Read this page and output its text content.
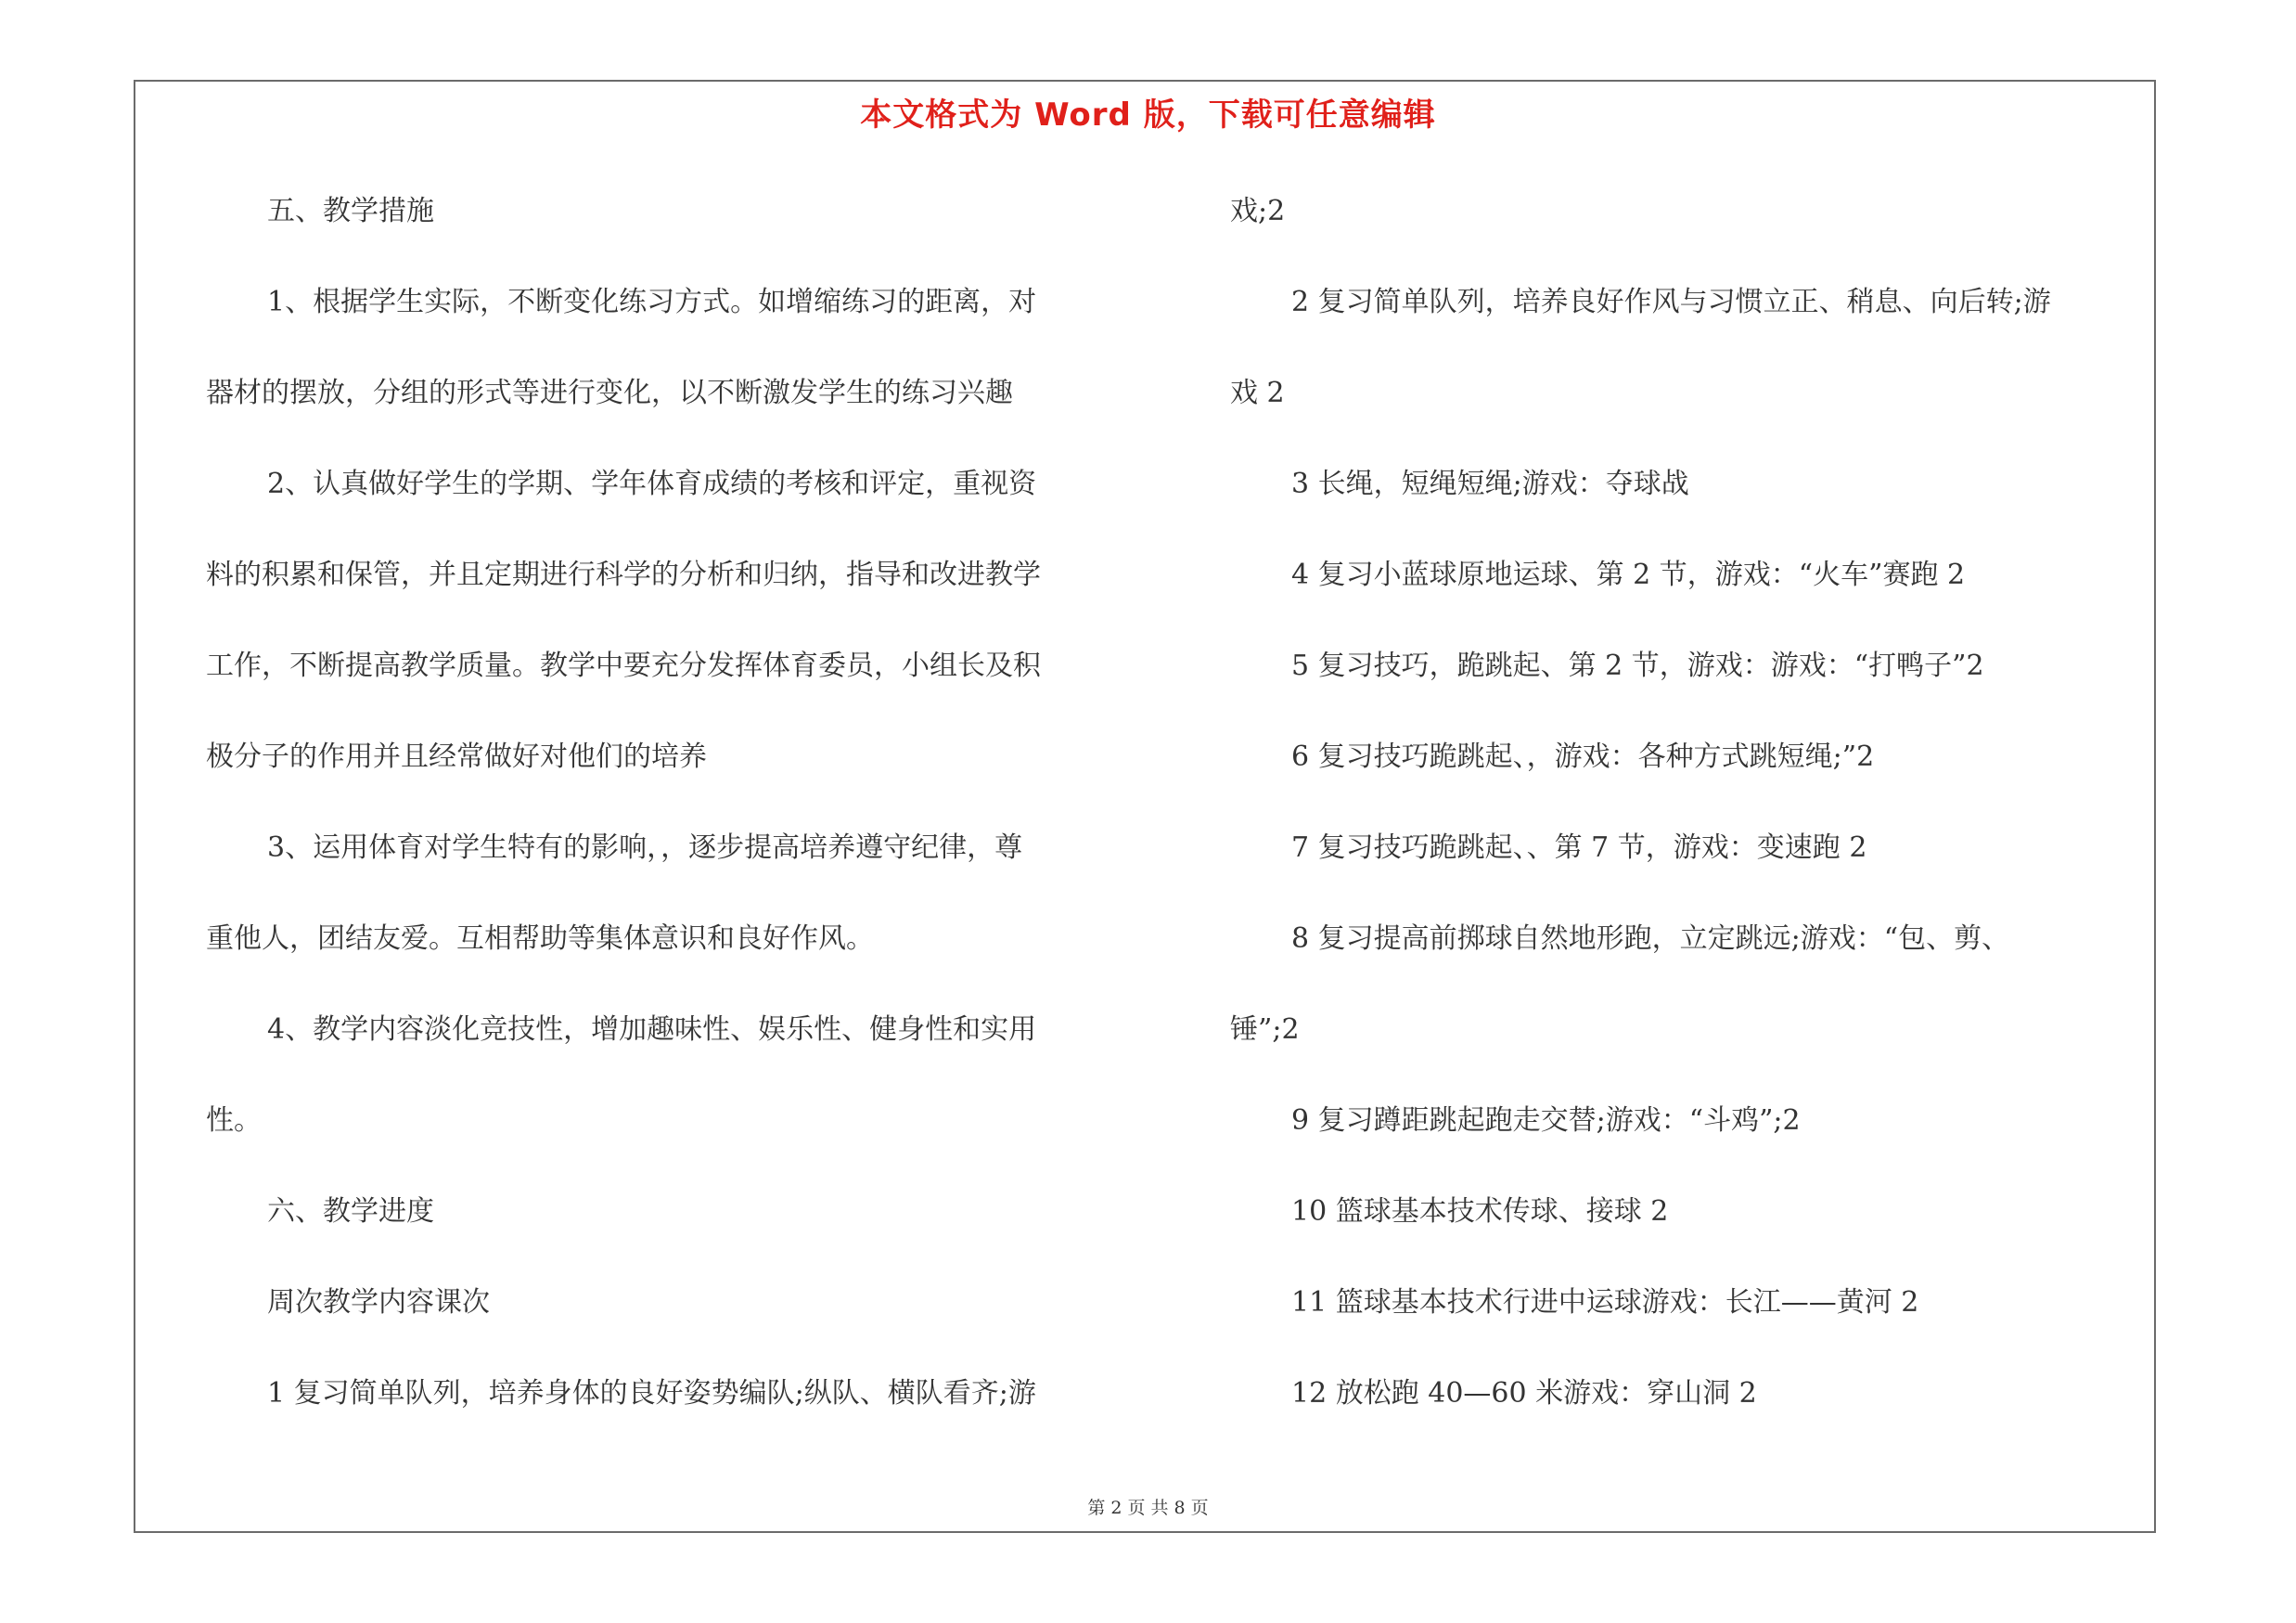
本文格式为 Word 版，下载可任意编辑
五、教学措施
1、根据学生实际，不断变化练习方式。如增缩练习的距离，对
器材的摆放，分组的形式等进行变化，以不断激发学生的练习兴趣
2、认真做好学生的学期、学年体育成绩的考核和评定，重视资
料的积累和保管，并且定期进行科学的分析和归纳，指导和改进教学
工作，不断提高教学质量。教学中要充分发挥体育委员，小组长及积
极分子的作用并且经常做好对他们的培养
3、运用体育对学生特有的影响，，逐步提高培养遵守纪律，尊
重他人，团结友爱。互相帮助等集体意识和良好作风。
4、教学内容淡化竞技性，增加趣味性、娱乐性、健身性和实用
性。
六、教学进度
周次教学内容课次
1 复习简单队列，培养身体的良好姿势编队;纵队、横队看齐;游
戏;2
2 复习简单队列，培养良好作风与习惯立正、稍息、向后转;游
戏 2
3 长绳，短绳短绳;游戏：夺球战
4 复习小蓝球原地运球、第 2 节，游戏：“火车”赛跑 2
5 复习技巧，跪跳起、第 2 节，游戏：游戏：“打鸭子”2
6 复习技巧跪跳起、，游戏：各种方式跳短绳;”2
7 复习技巧跪跳起、、第 7 节，游戏：变速跑 2
8 复习提高前掷球自然地形跑，立定跳远;游戏：“包、剪、
锤”;2
9 复习蹲距跳起跑走交替;游戏：“斗鸡”;2
10 篮球基本技术传球、接球 2
11 篮球基本技术行进中运球游戏：长江——黄河 2
12 放松跑 40—60 米游戏：穿山洞 2
第 2 页 共 8 页
